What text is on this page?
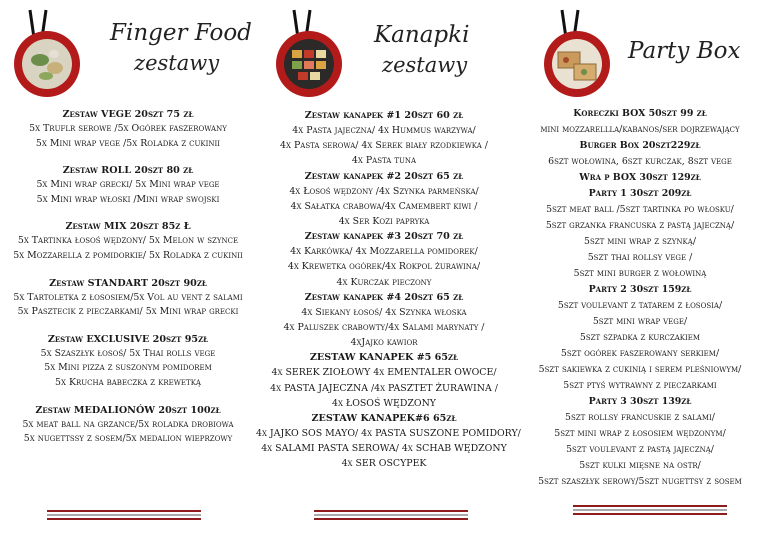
Finger Food
zestawy
Zestaw VEGE 20szt 75 zł
5x Truflr serowe /5x Ogórek faszerowany
5x Mini wrap vege /5x Roladka z cukinii
Zestaw ROLL 20szt 80 zł
5x Mini wrap grecki/ 5x Mini wrap vege
5x Mini wrap włoski /Mini wrap swojski
Zestaw MIX 20szt 85z Ł
5x Tartinka łosoś wędzony/ 5x Melon w szynce
5x Mozzarella z pomidorkie/ 5x Roladka z cukinii
Zestaw STANDART 20szt 90zł
5x Tartoletka z łososiem/5x Vol au vent z salami
5x Pasztecik z pieczarkami/ 5x Mini wrap grecki
Zestaw EXCLUSIVE 20szt 95zł
5x Szaszłyk łosoś/ 5x Thai rolls vege
5x Mini pizza z suszonym pomidorem
5x Krucha babeczka z krewetką
Zestaw MEDALIONÓW 20szt 100zł
5x meat ball na grzance/5x roladka drobiowa
5x nugettssy z sosem/5x medalion wieprzowy
Kanapki
zestawy
Zestaw kanapek #1 20szt 60 zł
4x Pasta jajeczna/ 4x Hummus warzywa/
4x Pasta serowa/ 4x Serek biały rzodkiewka /
4x Pasta tuna
Zestaw kanapek #2 20szt 65 zł
4x Łosoś wędzony /4x Szynka parmeńska/
4x Sałatka crabowa/4x Camembert kiwi /
4x Ser Kozi papryka
Zestaw kanapek #3 20szt 70 zł
4x Karkówka/ 4x Mozzarella pomidorek/
4x Krewetka ogórek/4x Rokpol żurawina/
4x Kurczak pieczony
Zestaw kanapek #4 20szt 65 zł
4x Siekany łosoś/ 4x Szynka włoska
4x Paluszek crabowty/4x Salami marynaty /
4xJajko kawior
ZESTAW KANAPEK #5 65zł
4x SEREK ZIOŁOWY 4x EMENTALER OWOCE/
4x PASTA JAJECZNA /4x PASZTET ŻURAWINA /
4x ŁOSOŚ WĘDZONY
ZESTAW KANAPEK#6 65zł
4x JAJKO SOS MAYO/ 4x PASTA SUSZONE POMIDORY/
4x SALAMI PASTA SEROWA/ 4x SCHAB WĘDZONY
4x SER OSCYPEK
Party Box
Koreczki BOX 50szt 99 zł
mini mozzarellla/kabanos/ser dojrzewający
Burger Box 20szt229zł
6szt wołowina, 6szt kurczak, 8szt vege
Wra p BOX 30szt 129zł
Party 1 30szt 209zł
5szt meat ball /5szt tartinka po włosku/
5szt grzanka francuska z pastą jajeczną/
5szt mini wrap z szynką/
5szt thai rollsy vege /
5szt mini burger z wołowiną
Party 2 30szt 159zł
5szt voulevant z tatarem z łososia/
5szt mini wrap vege/
5szt szpadka z kurczakiem
5szt ogórek faszerowany serkiem/
5szt sakiewka z cukinią i serem pleśniowym/
5szt ptyś wytrawny z pieczarkami
Party 3 30szt 139zł
5szt rollsy francuskie z salami/
5szt mini wrap z łososiem wędzonym/
5szt voulevant z pastą jajeczną/
5szt kulki mięsne na ostr/
5szt szaszłyk serowy/5szt nugettsy z sosem
